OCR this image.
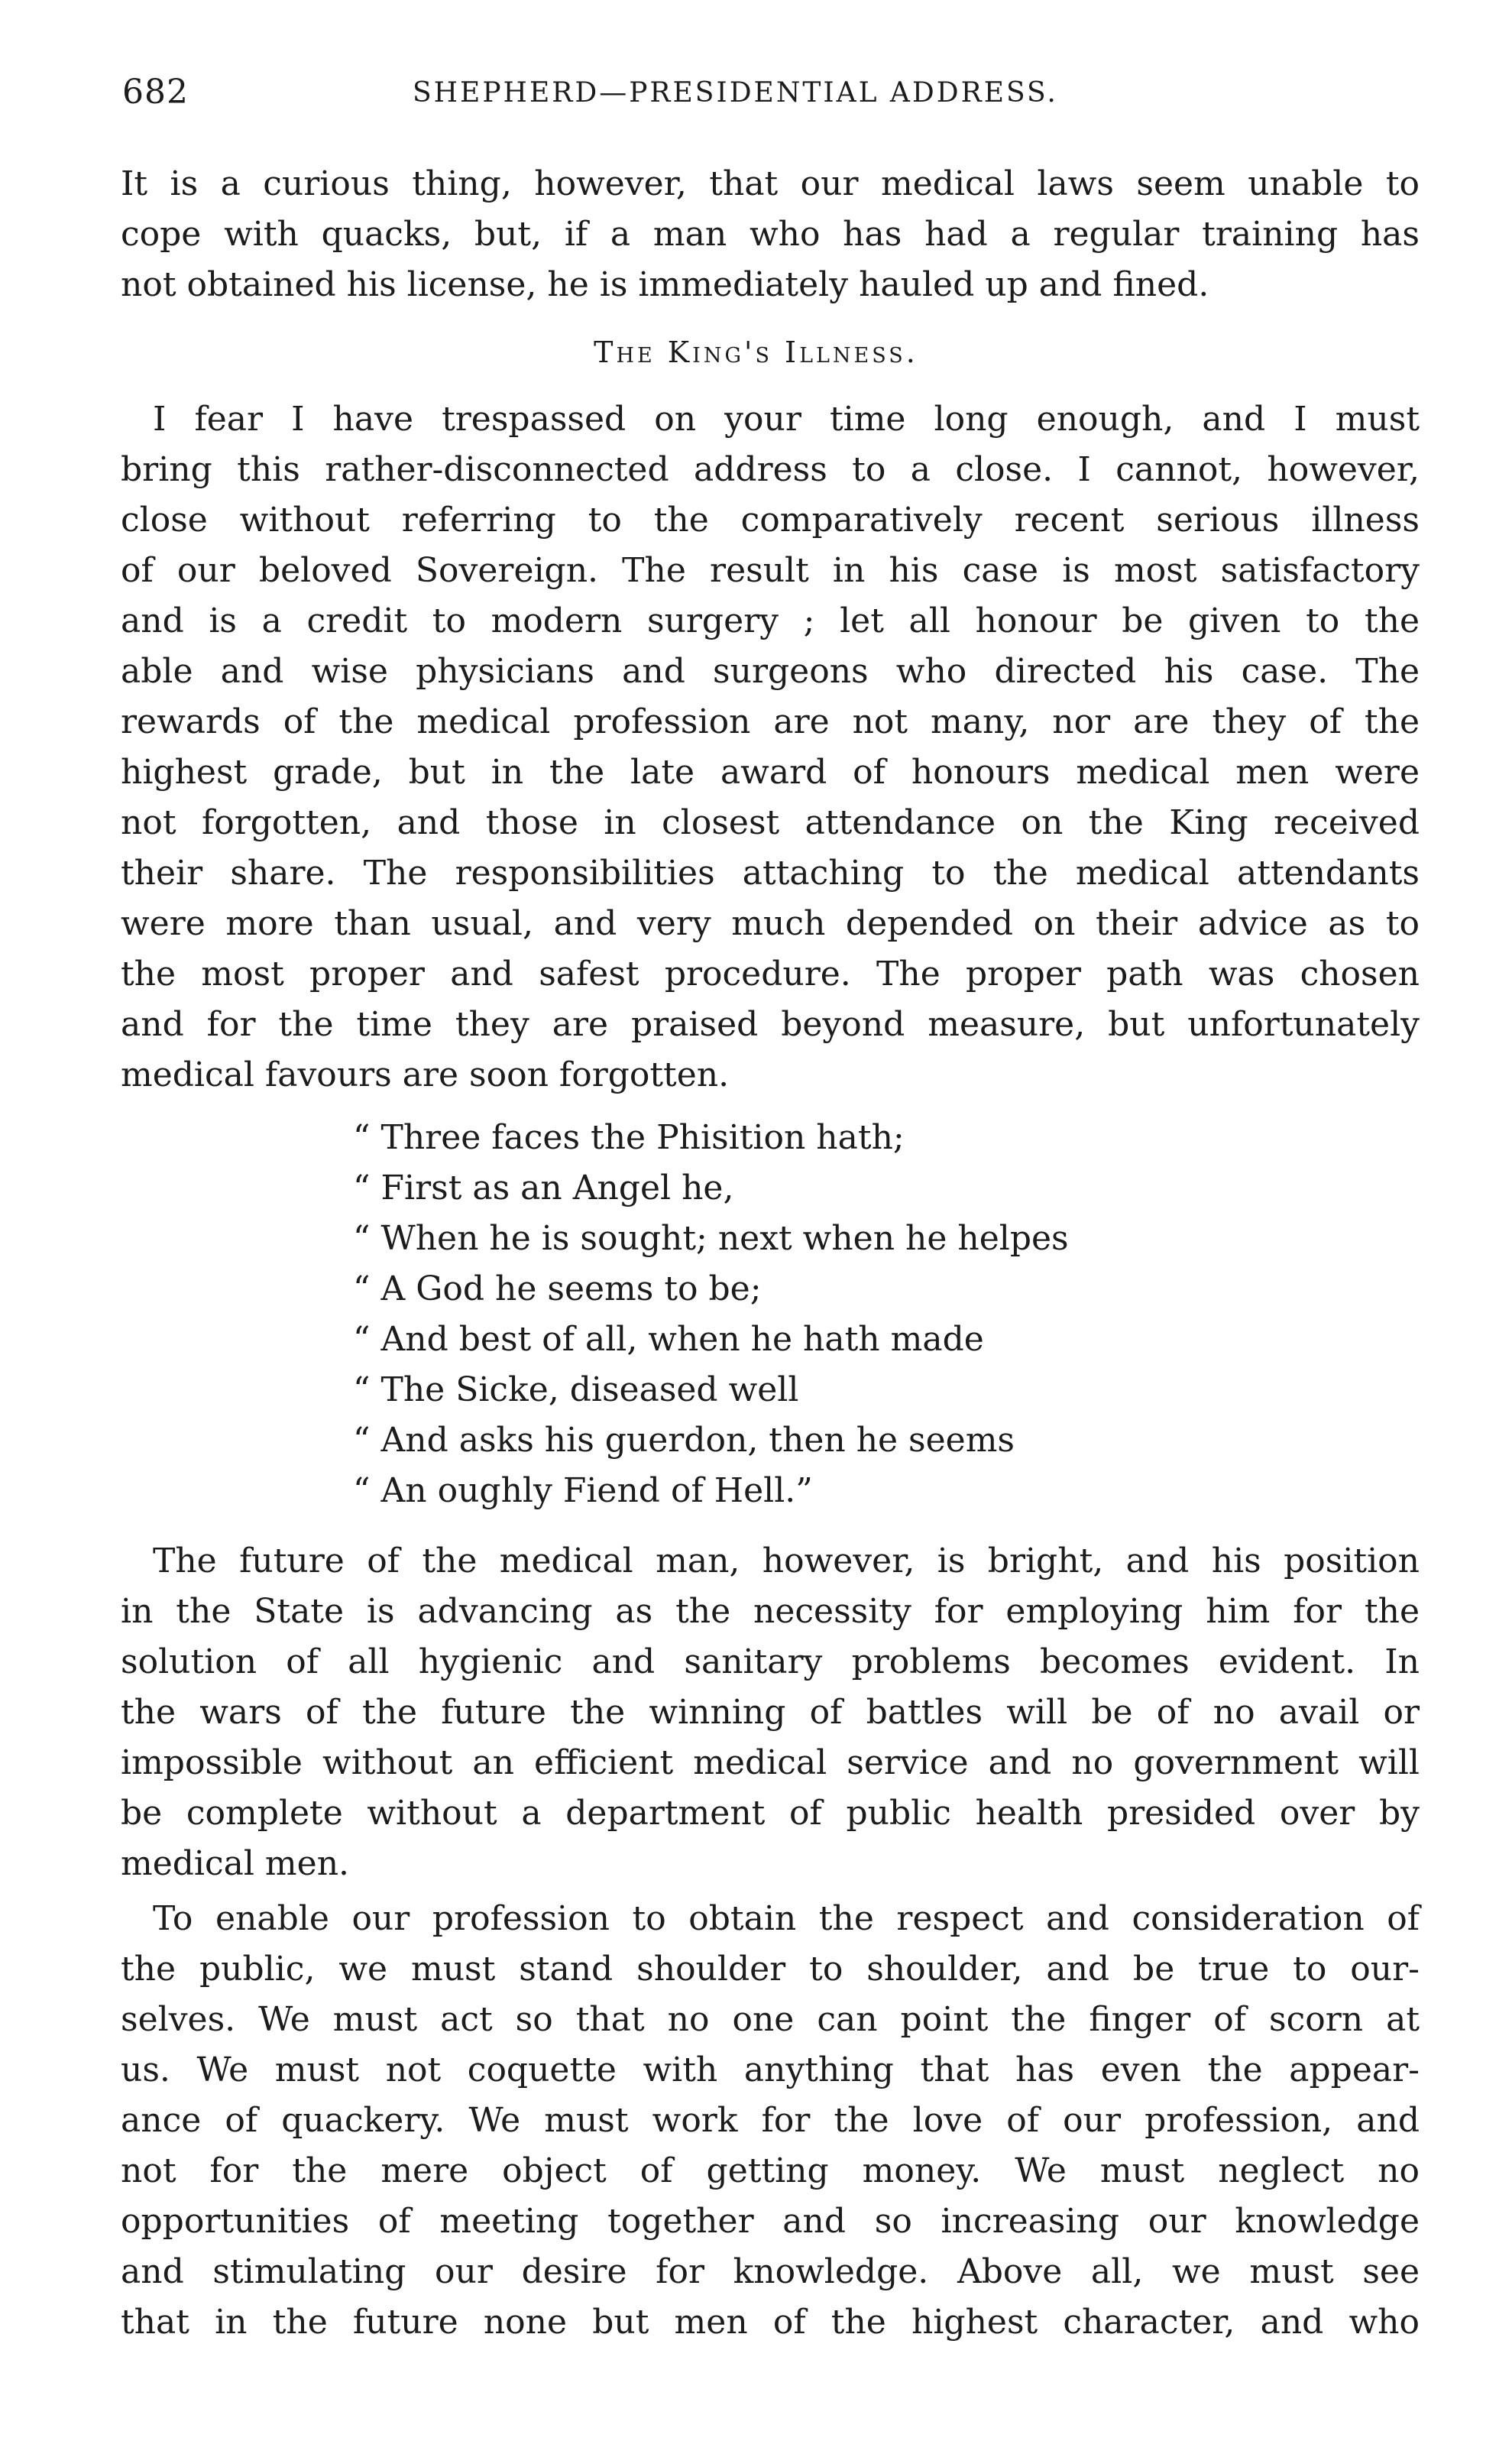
682	SHEPHERD—PRESIDENTIAL ADDRESS.
It is a curious thing, however, that our medical laws seem unable to
cope with quacks, but, if a man who has had a regular training has
not obtained his license, he is immediately hauled up and fined.
The King's Illness.
I fear I have trespassed on your time long enough, and I must
bring this rather-disconnected address to a close. I cannot, however,
close without referring to the comparatively recent serious illness
of our beloved Sovereign. The result in his case is most satisfactory
and is a credit to modern surgery ; let all honour be given to the
able and wise physicians and surgeons who directed his case. The
rewards of the medical profession are not many, nor are they of the
highest grade, but in the late award of honours medical men were
not forgotten, and those in closest attendance on the King received
their share. The responsibilities attaching to the medical attendants
were more than usual, and very much depended on their advice as to
the most proper and safest procedure. The proper path was chosen
and for the time they are praised beyond measure, but unfortunately
medical favours are soon forgotten.
“ Three faces the Phisition hath;
“ First as an Angel he,
“ When he is sought; next when he helpes
“ A God he seems to be;
“ And best of all, when he hath made
“ The Sicke, diseased well
“ And asks his guerdon, then he seems
“ An oughly Fiend of Hell.”
The future of the medical man, however, is bright, and his position
in the State is advancing as the necessity for employing him for the
solution of all hygienic and sanitary problems becomes evident. In
the wars of the future the winning of battles will be of no avail or
impossible without an efficient medical service and no government will
be complete without a department of public health presided over by
medical men.
To enable our profession to obtain the respect and consideration of
the public, we must stand shoulder to shoulder, and be true to our-
selves. We must act so that no one can point the finger of scorn at
us. We must not coquette with anything that has even the appear-
ance of quackery. We must work for the love of our profession, and
not for the mere object of getting money. We must neglect no
opportunities of meeting together and so increasing our knowledge
and stimulating our desire for knowledge. Above all, we must see
that in the future none but men of the highest character, and who
